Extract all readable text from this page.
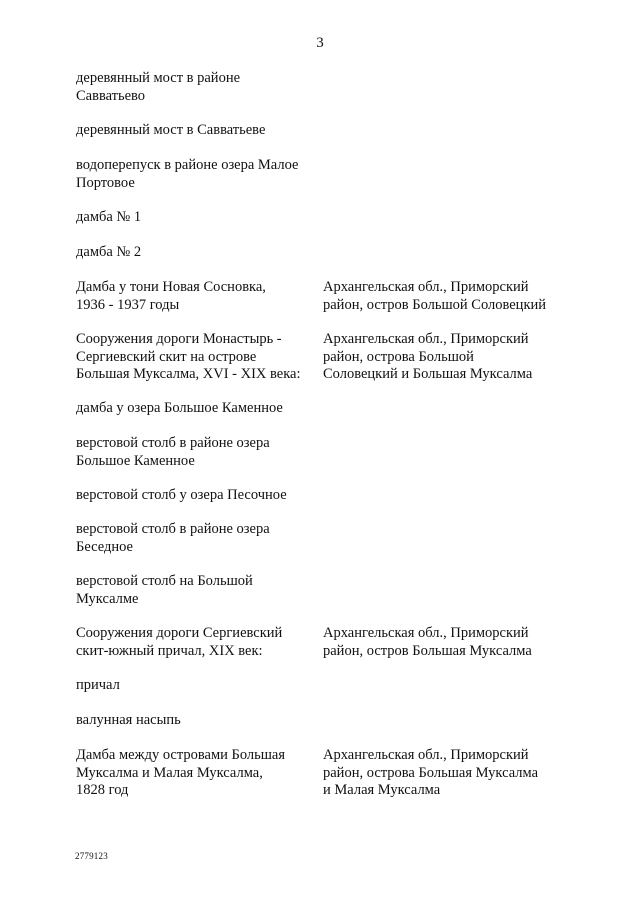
3
деревянный мост в районе
Савватьево
деревянный мост в Савватьеве
водоперепуск в районе озера Малое
Портовое
дамба № 1
дамба № 2
Дамба у тони Новая Сосновка,
1936 - 1937 годы
Архангельская обл., Приморский
район, остров Большой Соловецкий
Сооружения дороги Монастырь -
Сергиевский скит на острове
Большая Муксалма, XVI - XIX века:
Архангельская обл., Приморский
район, острова Большой
Соловецкий и Большая Муксалма
дамба у озера Большое Каменное
верстовой столб в районе озера
Большое Каменное
верстовой столб у озера Песочное
верстовой столб в районе озера
Беседное
верстовой столб на Большой
Муксалме
Сооружения дороги Сергиевский
скит-южный причал, XIX век:
Архангельская обл., Приморский
район, остров Большая Муксалма
причал
валунная насыпь
Дамба между островами Большая
Муксалма и Малая Муксалма,
1828 год
Архангельская обл., Приморский
район, острова Большая Муксалма
и Малая Муксалма
2779123
